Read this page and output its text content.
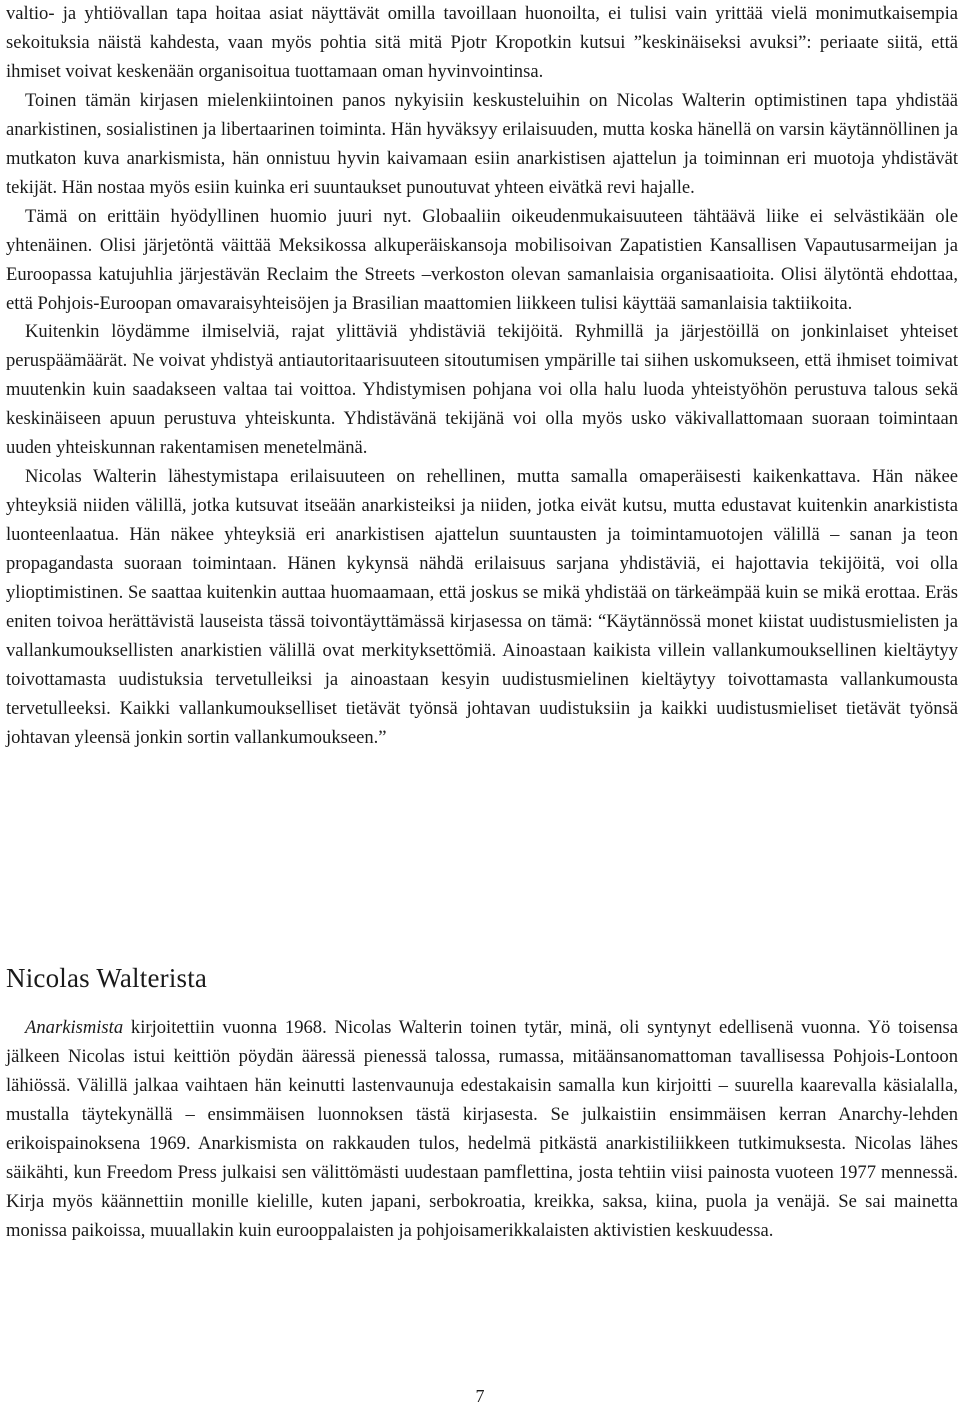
valtio- ja yhtiövallan tapa hoitaa asiat näyttävät omilla tavoillaan huonoilta, ei tulisi vain yrittää vielä monimutkaisempia sekoituksia näistä kahdesta, vaan myös pohtia sitä mitä Pjotr Kropotkin kutsui ”keskinäiseksi avuksi”: periaate siitä, että ihmiset voivat keskenään organisoitua tuottamaan oman hyvinvointinsa.

Toinen tämän kirjasen mielenkiintoinen panos nykyisiin keskusteluihin on Nicolas Walterin optimistinen tapa yhdistää anarkistinen, sosialistinen ja libertaarinen toiminta. Hän hyväksyy erilaisuuden, mutta koska hänellä on varsin käytännöllinen ja mutkaton kuva anarkismista, hän onnistuu hyvin kaivamaan esiin anarkistisen ajattelun ja toiminnan eri muotoja yhdistävät tekijät. Hän nostaa myös esiin kuinka eri suuntaukset punoutuvat yhteen eivätkä revi hajalle.

Tämä on erittäin hyödyllinen huomio juuri nyt. Globaaliin oikeudenmukaisuuteen tähtäävä liike ei selvästikään ole yhtenäinen. Olisi järjetöntä väittää Meksikossa alkuperäiskansoja mobilisoivan Zapatistien Kansallisen Vapautusarmeijan ja Euroopassa katujuhlia järjestävän Reclaim the Streets –verkoston olevan samanlaisia organisaatioita. Olisi älytöntä ehdottaa, että Pohjois-Euroopan omavaraisyhteisöjen ja Brasilian maattomien liikkeen tulisi käyttää samanlaisia taktiikoita.

Kuitenkin löydämme ilmiselviä, rajat ylittäviä yhdistäviä tekijöitä. Ryhmillä ja järjestöillä on jonkinlaiset yhteiset peruspäämäärät. Ne voivat yhdistyä antiautoritaarisuuteen sitoutumisen ympärille tai siihen uskomukseen, että ihmiset toimivat muutenkin kuin saadakseen valtaa tai voittoa. Yhdistymisen pohjana voi olla halu luoda yhteistyöhön perustuva talous sekä keskinäiseen apuun perustuva yhteiskunta. Yhdistävänä tekijänä voi olla myös usko väkivallattomaan suoraan toimintaan uuden yhteiskunnan rakentamisen menetelmänä.

Nicolas Walterin lähestymistapa erilaisuuteen on rehellinen, mutta samalla omaperäisesti kaikenkattava. Hän näkee yhteyksiä niiden välillä, jotka kutsuvat itseään anarkisteiksi ja niiden, jotka eivät kutsu, mutta edustavat kuitenkin anarkistista luonteenlaatua. Hän näkee yhteyksiä eri anarkistisen ajattelun suuntausten ja toimintamuotojen välillä – sanan ja teon propagandasta suoraan toimintaan. Hänen kykynsä nähdä erilaisuus sarjana yhdistäviä, ei hajottavia tekijöitä, voi olla ylioptimistinen. Se saattaa kuitenkin auttaa huomaamaan, että joskus se mikä yhdistää on tärkeämpää kuin se mikä erottaa. Eräs eniten toivoa herättävistä lauseista tässä toivontäyttämässä kirjasessa on tämä: “Käytännössä monet kiistat uudistusmielisten ja vallankumouksellisten anarkistien välillä ovat merkityksettömiä. Ainoastaan kaikista villein vallankumouksellinen kieltäytyy toivottamasta uudistuksia tervetulleiksi ja ainoastaan kesyin uudistusmielinen kieltäytyy toivottamasta vallankumousta tervetulleeksi. Kaikki vallankumoukselliset tietävät työnsä johtavan uudistuksiin ja kaikki uudistusmieliset tietävät työnsä johtavan yleensä jonkin sortin vallankumoukseen.”

Nicolas Walterista

Anarkismista kirjoitettiin vuonna 1968. Nicolas Walterin toinen tytär, minä, oli syntynyt edellisenä vuonna. Yö toisensa jälkeen Nicolas istui keittiön pöydän ääressä pienessä talossa, rumassa, mitäänsanomattoman tavallisessa Pohjois-Lontoon lähiössä. Välillä jalkaa vaihtaen hän keinutti lastenvaunuja edestakaisin samalla kun kirjoitti – suurella kaarevalla käsialalla, mustalla täytekynällä – ensimmäisen luonnoksen tästä kirjasesta. Se julkaistiin ensimmäisen kerran Anarchy-lehden erikoispainoksena 1969. Anarkismista on rakkauden tulos, hedelmä pitkästä anarkistiliikkeen tutkimuksesta. Nicolas lähes säikähti, kun Freedom Press julkaisi sen välittömästi uudestaan pamflettina, josta tehtiin viisi painosta vuoteen 1977 mennessä. Kirja myös käännettiin monille kielille, kuten japani, serbokroatia, kreikka, saksa, kiina, puola ja venäjä. Se sai mainetta monissa paikoissa, muuallakin kuin eurooppalaisten ja pohjoisamerikkalaisten aktivistien keskuudessa.

7
